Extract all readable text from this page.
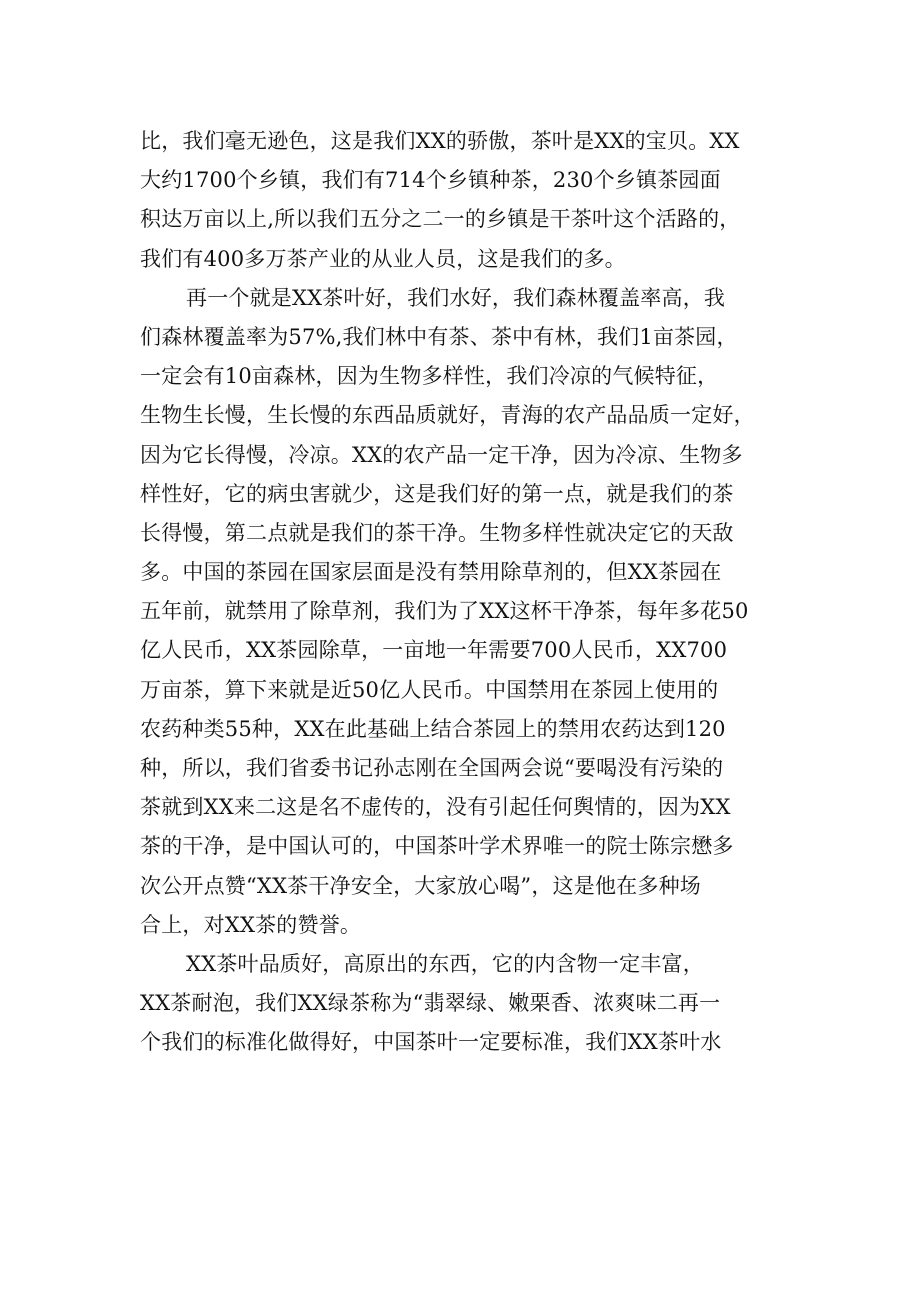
比，我们毫无逊色，这是我们XX的骄傲，茶叶是XX的宝贝。XX
大约1700个乡镇，我们有714个乡镇种茶，230个乡镇茶园面
积达万亩以上,所以我们五分之二一的乡镇是干茶叶这个活路的，
我们有400多万茶产业的从业人员，这是我们的多。
再一个就是XX茶叶好，我们水好，我们森林覆盖率高，我
们森林覆盖率为57%,我们林中有茶、茶中有林，我们1亩茶园，
一定会有10亩森林，因为生物多样性，我们冷凉的气候特征，
生物生长慢，生长慢的东西品质就好，青海的农产品品质一定好，
因为它长得慢，冷凉。XX的农产品一定干净，因为冷凉、生物多
样性好，它的病虫害就少，这是我们好的第一点，就是我们的茶
长得慢，第二点就是我们的茶干净。生物多样性就决定它的天敌
多。中国的茶园在国家层面是没有禁用除草剂的，但XX茶园在
五年前，就禁用了除草剂，我们为了XX这杯干净茶，每年多花50
亿人民币，XX茶园除草，一亩地一年需要700人民币，XX700
万亩茶，算下来就是近50亿人民币。中国禁用在茶园上使用的
农药种类55种，XX在此基础上结合茶园上的禁用农药达到120
种，所以，我们省委书记孙志刚在全国两会说“要喝没有污染的
茶就到XX来二这是名不虚传的，没有引起任何舆情的，因为XX
茶的干净，是中国认可的，中国茶叶学术界唯一的院士陈宗懋多
次公开点赞“XX茶干净安全，大家放心喝”，这是他在多种场
合上，对XX茶的赞誉。
XX茶叶品质好，高原出的东西，它的内含物一定丰富，
XX茶耐泡，我们XX绿茶称为“翡翠绿、嫩栗香、浓爽味二再一
个我们的标准化做得好，中国茶叶一定要标准，我们XX茶叶水
